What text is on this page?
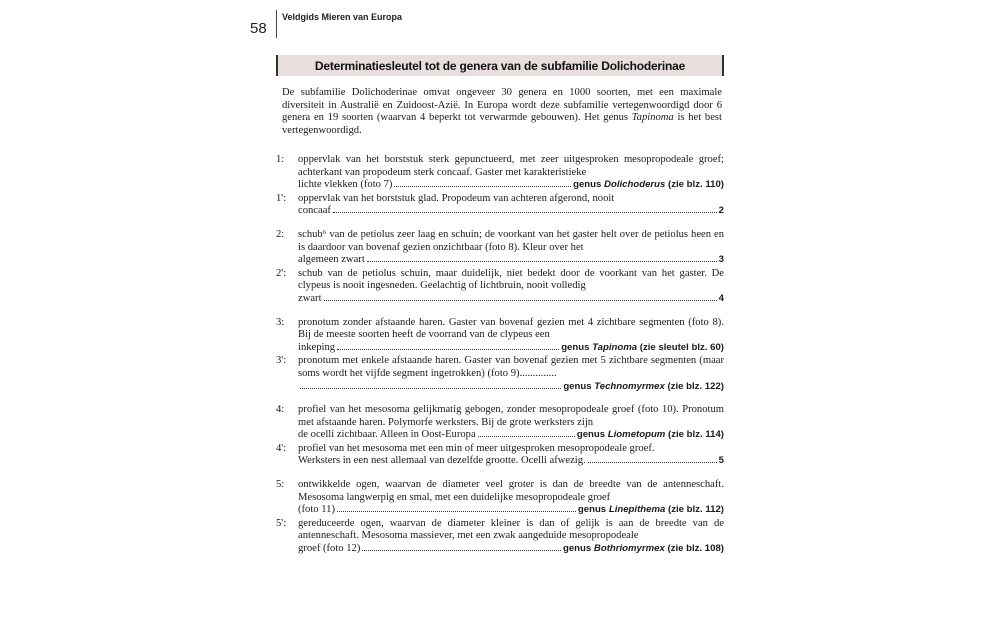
58
Veldgids Mieren van Europa
Determinatiesleutel tot de genera van de subfamilie Dolichoderinae

De subfamilie Dolichoderinae omvat ongeveer 30 genera en 1000 soorten, met een maximale diversiteit in Australië en Zuidoost-Azië. In Europa wordt deze subfamilie vertegenwoordigd door 6 genera en 19 soorten (waarvan 4 beperkt tot verwarmde gebouwen). Het genus Tapinoma is het best vertegenwoordigd.

1:	oppervlak van het borststuk sterk gepunctueerd, met zeer uitgesproken mesopropodeale groef; achterkant van propodeum sterk concaaf. Gaster met karakteristieke
lichte vlekken (foto 7)	genus Dolichoderus (zie blz. 110)
1':	oppervlak van het borststuk glad. Propodeum van achteren afgerond, nooit
concaaf	2
2:	schub⁶ van de petiolus zeer laag en schuin; de voorkant van het gaster helt over de petiolus heen en is daardoor van bovenaf gezien onzichtbaar (foto 8). Kleur over het
algemeen zwart	3
2':	schub van de petiolus schuin, maar duidelijk, niet bedekt door de voorkant van het gaster. De clypeus is nooit ingesneden. Geelachtig of lichtbruin, nooit volledig
zwart	4
3:	pronotum zonder afstaande haren. Gaster van bovenaf gezien met 4 zichtbare segmenten (foto 8). Bij de meeste soorten heeft de voorrand van de clypeus een
inkeping	genus Tapinoma (zie sleutel blz. 60)
3':	pronotum met enkele afstaande haren. Gaster van bovenaf gezien met 5 zichtbare segmenten (maar soms wordt het vijfde segment ingetrokken) (foto 9)..............
genus Technomyrmex (zie blz. 122)
4:	profiel van het mesosoma gelijkmatig gebogen, zonder mesopropodeale groef (foto 10). Pronotum met afstaande haren. Polymorfe werksters. Bij de grote werksters zijn
de ocelli zichtbaar. Alleen in Oost-Europa	genus Liometopum (zie blz. 114)
4':	profiel van het mesosoma met een min of meer uitgesproken mesopropodeale groef.
Werksters in een nest allemaal van dezelfde grootte. Ocelli afwezig.	5
5:	ontwikkelde ogen, waarvan de diameter veel groter is dan de breedte van de antenneschaft. Mesosoma langwerpig en smal, met een duidelijke mesopropodeale groef
(foto 11)	genus Linepithema (zie blz. 112)
5':	gereduceerde ogen, waarvan de diameter kleiner is dan of gelijk is aan de breedte van de antenneschaft. Mesosoma massiever, met een zwak aangeduide mesopropodeale
groef (foto 12)	genus Bothriomyrmex (zie blz. 108)
